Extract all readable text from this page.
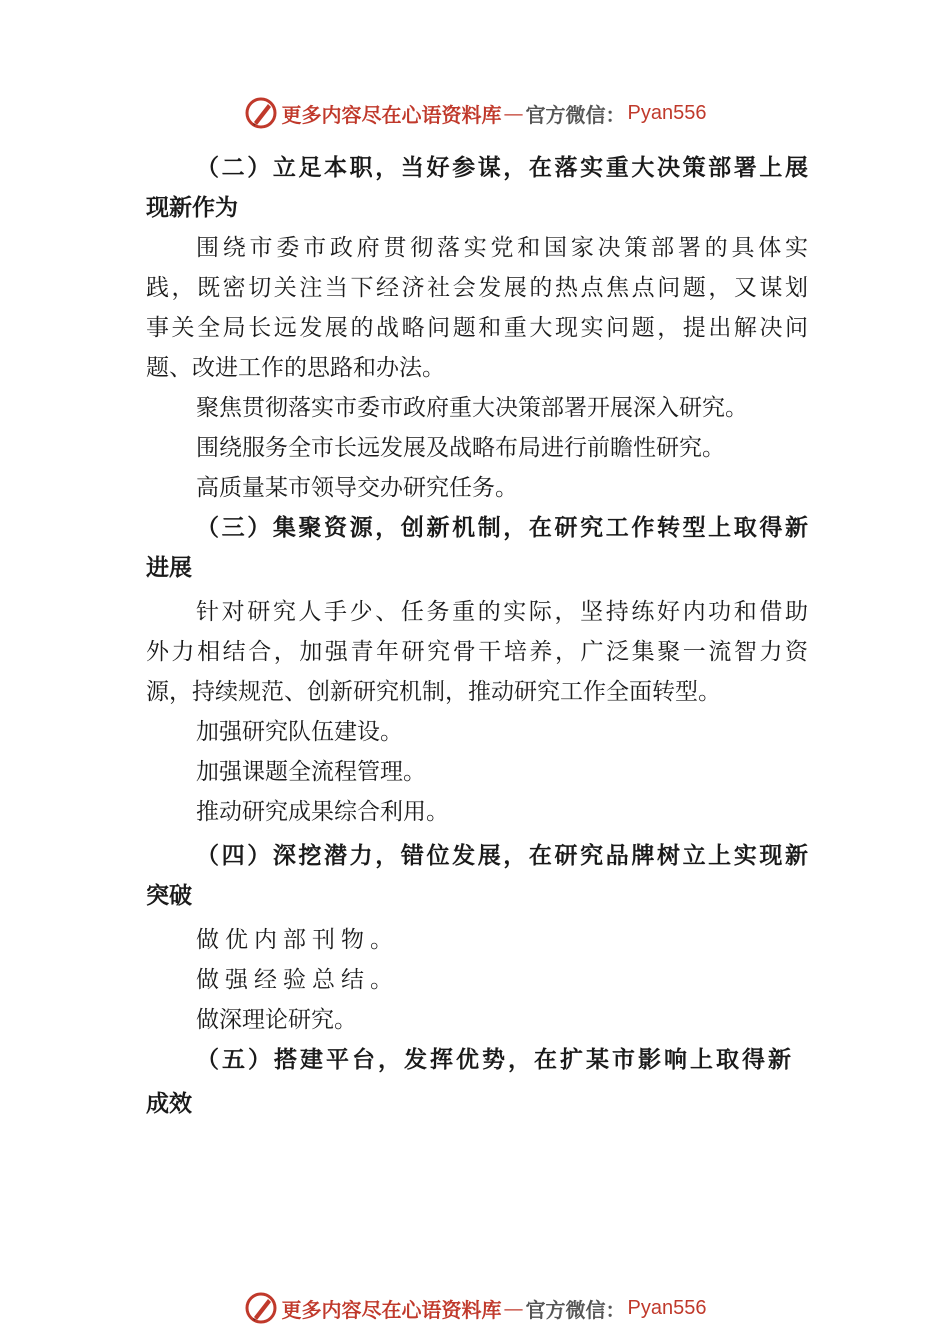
更多内容尽在心语资料库 — 官方微信： Pyan556
（二）立足本职，当好参谋，在落实重大决策部署上展
现新作为
围绕市委市政府贯彻落实党和国家决策部署的具体实
践，既密切关注当下经济社会发展的热点焦点问题，又谋划
事关全局长远发展的战略问题和重大现实问题，提出解决问
题、改进工作的思路和办法。
聚焦贯彻落实市委市政府重大决策部署开展深入研究。
围绕服务全市长远发展及战略布局进行前瞻性研究。
高质量某市领导交办研究任务。
（三）集聚资源，创新机制，在研究工作转型上取得新
进展
针对研究人手少、任务重的实际，坚持练好内功和借助
外力相结合，加强青年研究骨干培养，广泛集聚一流智力资
源，持续规范、创新研究机制，推动研究工作全面转型。
加强研究队伍建设。
加强课题全流程管理。
推动研究成果综合利用。
（四）深挖潜力，错位发展，在研究品牌树立上实现新
突破
做优内部刊物。
做强经验总结。
做深理论研究。
（五）搭建平台，发挥优势，在扩某市影响上取得新
成效
更多内容尽在心语资料库 — 官方微信： Pyan556
